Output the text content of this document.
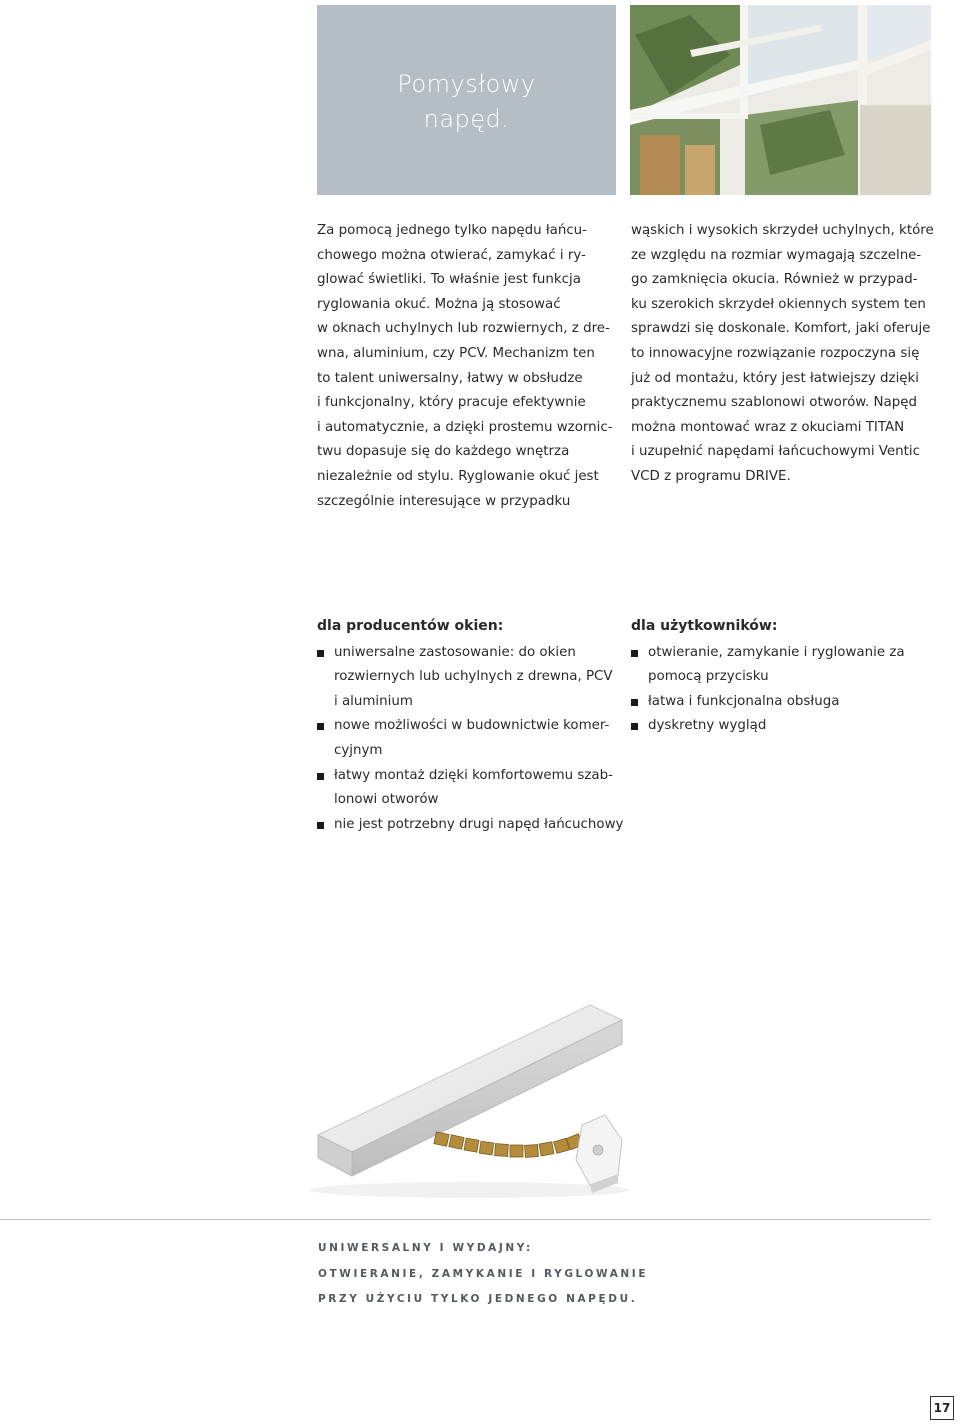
Pomysłowy
napęd.

Za pomocą jednego tylko napędu łańcu-
chowego można otwierać, zamykać i ry-
glować świetliki. To właśnie jest funkcja
ryglowania okuć. Można ją stosować
w oknach uchylnych lub rozwiernych, z dre-
wna, aluminium, czy PCV. Mechanizm ten
to talent uniwersalny, łatwy w obsłudze
i funkcjonalny, który pracuje efektywnie
i automatycznie, a dzięki prostemu wzornic-
twu dopasuje się do każdego wnętrza
niezależnie od stylu. Ryglowanie okuć jest
szczególnie interesujące w przypadku

wąskich i wysokich skrzydeł uchylnych, które
ze względu na rozmiar wymagają szczelne-
go zamknięcia okucia. Również w przypad-
ku szerokich skrzydeł okiennych system ten
sprawdzi się doskonale. Komfort, jaki oferuje
to innowacyjne rozwiązanie rozpoczyna się
już od montażu, który jest łatwiejszy dzięki
praktycznemu szablonowi otworów. Napęd
można montować wraz z okuciami TITAN
i uzupełnić napędami łańcuchowymi Ventic
VCD z programu DRIVE.

dla producentów okien:
uniwersalne zastosowanie: do okien
rozwiernych lub uchylnych z drewna, PCV
i aluminium
nowe możliwości w budownictwie komer-
cyjnym
łatwy montaż dzięki komfortowemu szab-
lonowi otworów
nie jest potrzebny drugi napęd łańcuchowy
dla użytkowników:
otwieranie, zamykanie i ryglowanie za
pomocą przycisku
łatwa i funkcjonalna obsługa
dyskretny wygląd
UNIWERSALNY I WYDAJNY:
OTWIERANIE, ZAMYKANIE I RYGLOWANIE
PRZY UŻYCIU TYLKO JEDNEGO NAPĘDU.
17
